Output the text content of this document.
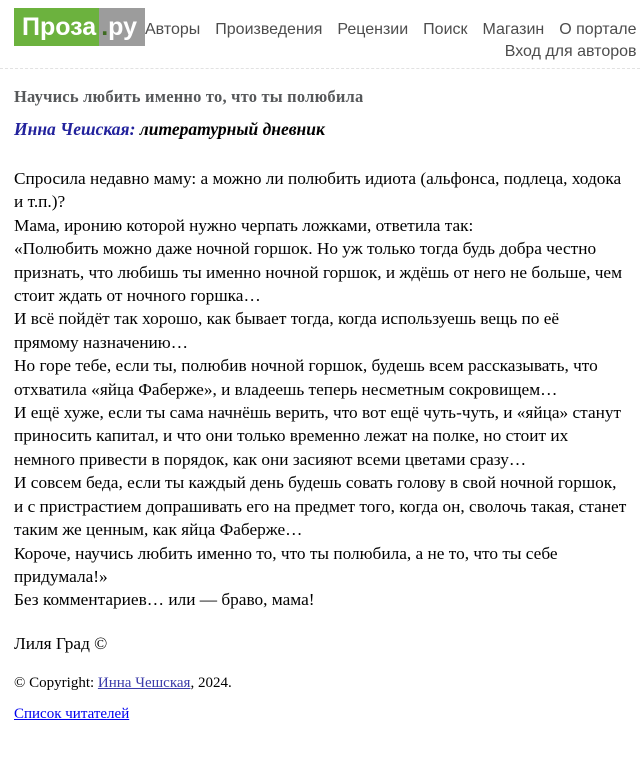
Проза .ру Авторы Произведения Рецензии Поиск Магазин О портале
Вход для авторов
Научись любить именно то, что ты полюбила
Инна Чешская: литературный дневник
Спросила недавно маму: а можно ли полюбить идиота (альфонса, подлеца, ходока и т.п.)?
Мама, иронию которой нужно черпать ложками, ответила так:
«Полюбить можно даже ночной горшок. Но уж только тогда будь добра честно признать, что любишь ты именно ночной горшок, и ждёшь от него не больше, чем стоит ждать от ночного горшка…
И всё пойдёт так хорошо, как бывает тогда, когда используешь вещь по её прямому назначению…
Но горе тебе, если ты, полюбив ночной горшок, будешь всем рассказывать, что отхватила «яйца Фаберже», и владеешь теперь несметным сокровищем…
И ещё хуже, если ты сама начнёшь верить, что вот ещё чуть-чуть, и «яйца» станут приносить капитал, и что они только временно лежат на полке, но стоит их немного привести в порядок, как они засияют всеми цветами сразу…
И совсем беда, если ты каждый день будешь совать голову в свой ночной горшок, и с пристрастием допрашивать его на предмет того, когда он, сволочь такая, станет таким же ценным, как яйца Фаберже…
Короче, научись любить именно то, что ты полюбила, а не то, что ты себе придумала!»
Без комментариев… или — браво, мама!
Лиля Град ©
© Copyright: Инна Чешская, 2024.
Список читателей
